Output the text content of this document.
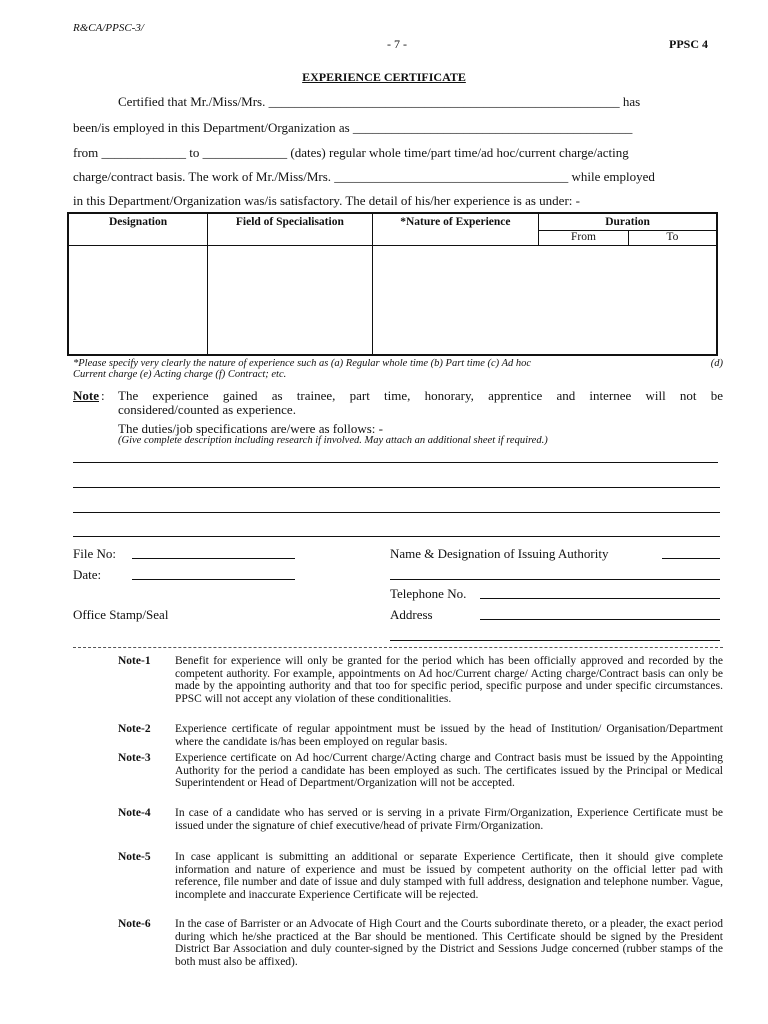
R&CA/PPSC-3/
- 7 -	PPSC 4
EXPERIENCE CERTIFICATE
Certified that Mr./Miss/Mrs. ______________________________________________________ has
been/is employed in this Department/Organization as ___________________________________________
from _____________ to _____________ (dates) regular whole time/part time/ad hoc/current charge/acting
charge/contract basis. The work of Mr./Miss/Mrs. ____________________________________ while employed
in this Department/Organization was/is satisfactory. The detail of his/her experience is as under: -
Designation	Field of Specialisation	*Nature of Experience	Duration	
			From	To

*Please specify very clearly the nature of experience such as (a) Regular whole time (b) Part time (c) Ad hoc	(d)
Current charge (e) Acting charge (f) Contract; etc.
Note : The experience gained as trainee, part time, honorary, apprentice and internee will not be
considered/counted as experience.
The duties/job specifications are/were as follows: -
(Give complete description including research if involved. May attach an additional sheet if required.)
File No:
Date:
Office Stamp/Seal
Name & Designation of Issuing Authority
Telephone No.
Address
Note-1 Benefit for experience will only be granted for the period which has been officially approved and recorded by the competent authority. For example, appointments on Ad hoc/Current charge/ Acting charge/Contract basis can only be made by the appointing authority and that too for specific period, specific purpose and under specific circumstances. PPSC will not accept any violation of these conditionalities.
Note-2 Experience certificate of regular appointment must be issued by the head of Institution/ Organisation/Department where the candidate is/has been employed on regular basis.
Note-3 Experience certificate on Ad hoc/Current charge/Acting charge and Contract basis must be issued by the Appointing Authority for the period a candidate has been employed as such. The certificates issued by the Principal or Medical Superintendent or Head of Department/Organization will not be accepted.
Note-4 In case of a candidate who has served or is serving in a private Firm/Organization, Experience Certificate must be issued under the signature of chief executive/head of private Firm/Organization.
Note-5 In case applicant is submitting an additional or separate Experience Certificate, then it should give complete information and nature of experience and must be issued by competent authority on the official letter pad with reference, file number and date of issue and duly stamped with full address, designation and telephone number. Vague, incomplete and inaccurate Experience Certificate will be rejected.
Note-6 In the case of Barrister or an Advocate of High Court and the Courts subordinate thereto, or a pleader, the exact period during which he/she practiced at the Bar should be mentioned. This Certificate should be signed by the President District Bar Association and duly counter-signed by the District and Sessions Judge concerned (rubber stamps of the both must also be affixed).
